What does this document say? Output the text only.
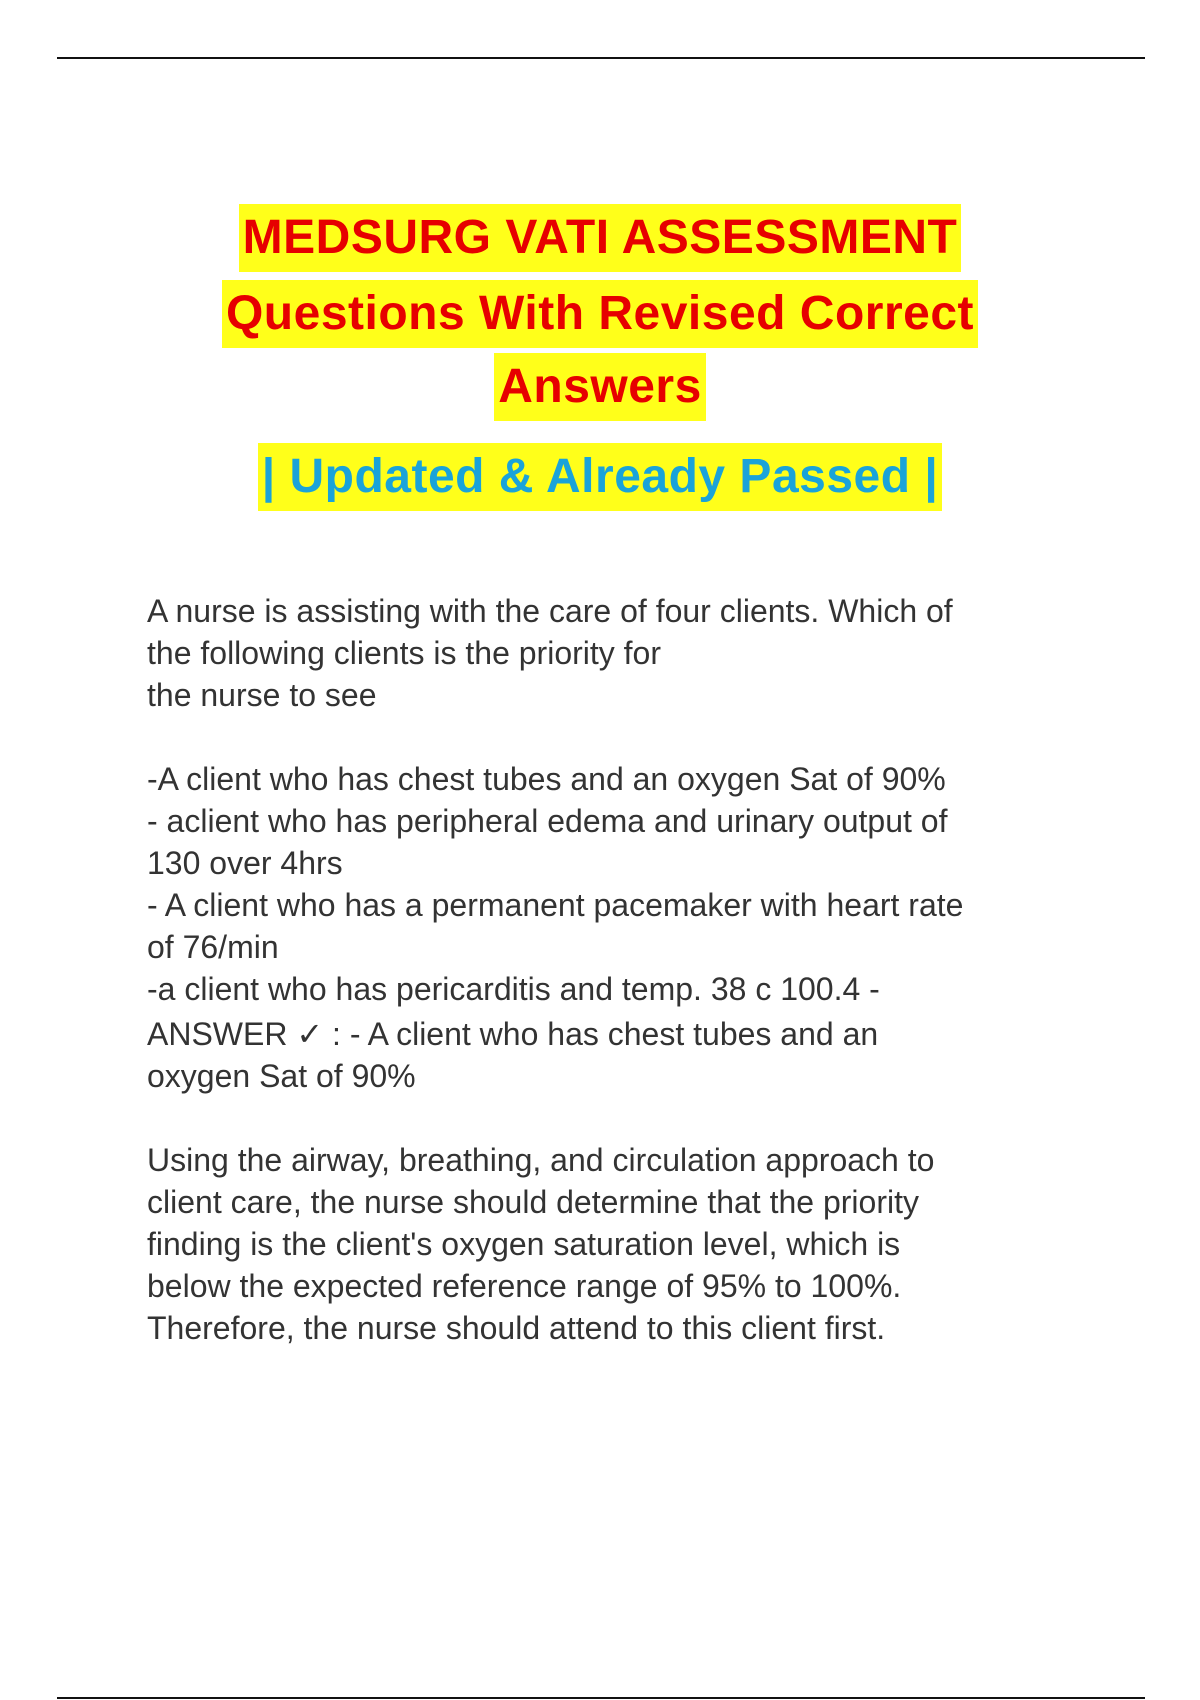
MEDSURG VATI ASSESSMENT
Questions With Revised Correct
Answers
| Updated & Already Passed |
A nurse is assisting with the care of four clients. Which of
the following clients is the priority for
the nurse to see
-A client who has chest tubes and an oxygen Sat of 90%
- aclient who has peripheral edema and urinary output of
130 over 4hrs
- A client who has a permanent pacemaker with heart rate
of 76/min
-a client who has pericarditis and temp. 38 c 100.4 -
ANSWER ✓ : - A client who has chest tubes and an
oxygen Sat of 90%
Using the airway, breathing, and circulation approach to
client care, the nurse should determine that the priority
finding is the client's oxygen saturation level, which is
below the expected reference range of 95% to 100%.
Therefore, the nurse should attend to this client first.
